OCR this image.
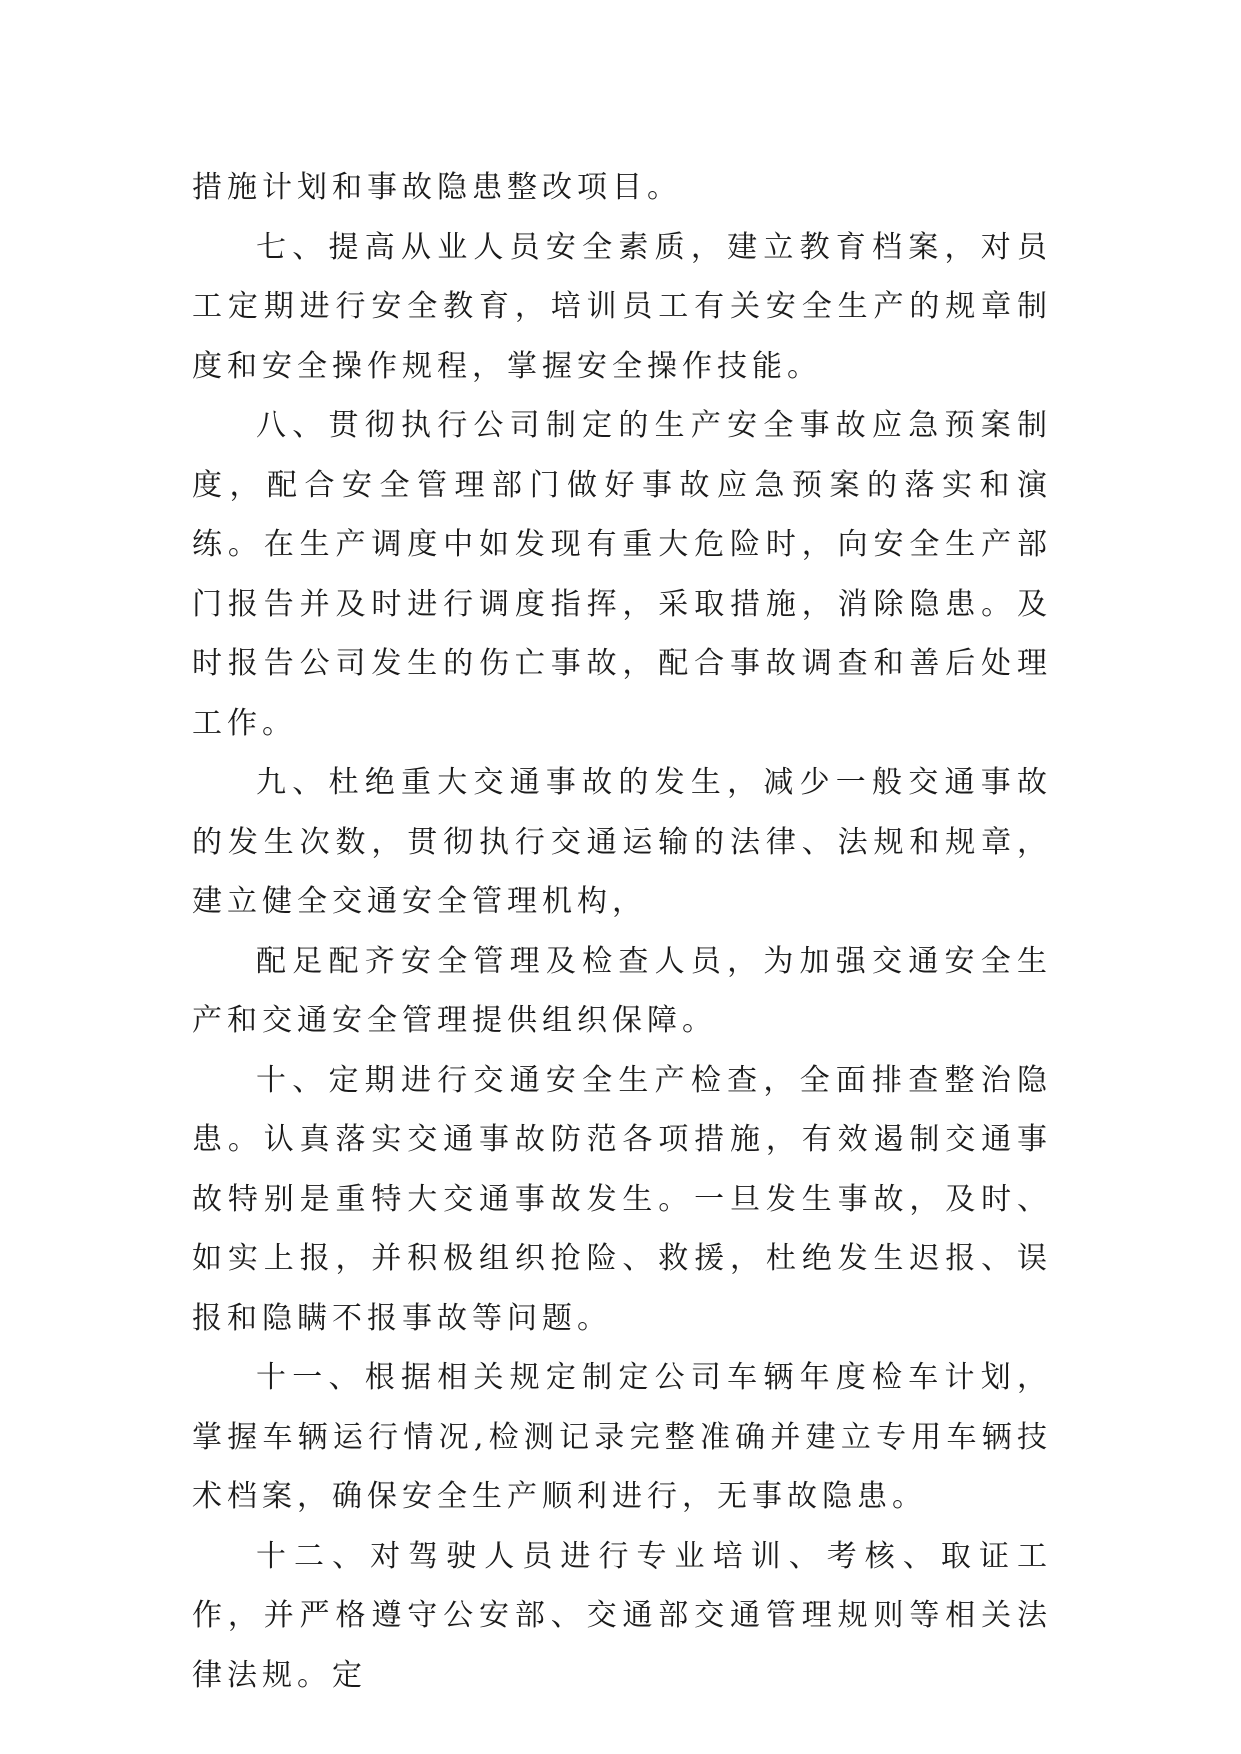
措施计划和事故隐患整改项目。

七、提高从业人员安全素质，建立教育档案，对员工定期进行安全教育，培训员工有关安全生产的规章制度和安全操作规程，掌握安全操作技能。

八、贯彻执行公司制定的生产安全事故应急预案制度，配合安全管理部门做好事故应急预案的落实和演练。在生产调度中如发现有重大危险时，向安全生产部门报告并及时进行调度指挥，采取措施，消除隐患。及时报告公司发生的伤亡事故，配合事故调查和善后处理工作。

九、杜绝重大交通事故的发生，减少一般交通事故的发生次数，贯彻执行交通运输的法律、法规和规章，建立健全交通安全管理机构，

配足配齐安全管理及检查人员，为加强交通安全生产和交通安全管理提供组织保障。

十、定期进行交通安全生产检查，全面排查整治隐患。认真落实交通事故防范各项措施，有效遏制交通事故特别是重特大交通事故发生。一旦发生事故，及时、如实上报，并积极组织抢险、救援，杜绝发生迟报、误报和隐瞒不报事故等问题。

十一、根据相关规定制定公司车辆年度检车计划，掌握车辆运行情况,检测记录完整准确并建立专用车辆技术档案，确保安全生产顺利进行，无事故隐患。

十二、对驾驶人员进行专业培训、考核、取证工作，并严格遵守公安部、交通部交通管理规则等相关法律法规。定
